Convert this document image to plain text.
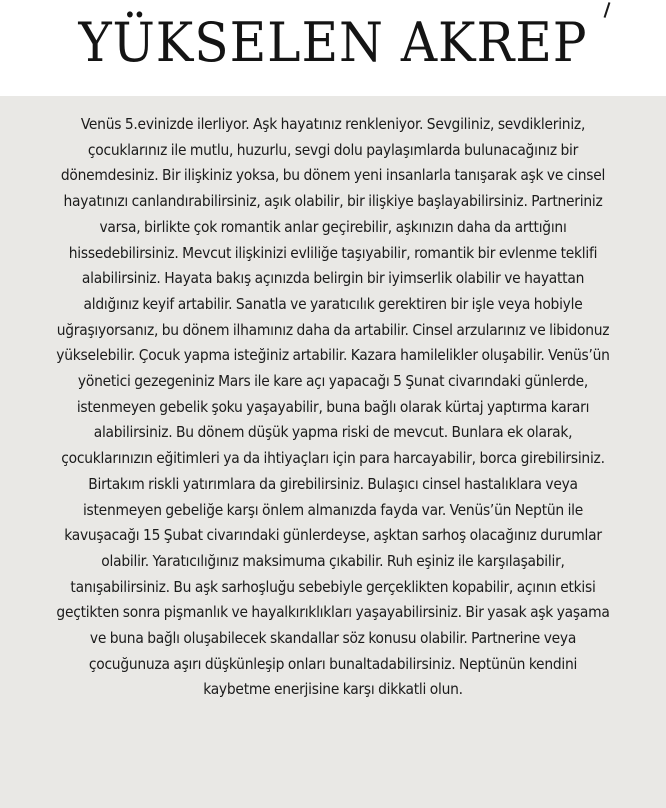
YÜKSELEN AKREP
Venüs 5.evinizde ilerliyor. Aşk hayatınız renkleniyor. Sevgiliniz, sevdikleriniz,
çocuklarınız ile mutlu, huzurlu, sevgi dolu paylaşımlarda bulunacağınız bir
dönemdesiniz. Bir ilişkiniz yoksa, bu dönem yeni insanlarla tanışarak aşk ve cinsel
hayatınızı canlandırabilirsiniz, aşık olabilir, bir ilişkiye başlayabilirsiniz. Partneriniz
varsa, birlikte çok romantik anlar geçirebilir, aşkınızın daha da arttığını
hissedebilirsiniz. Mevcut ilişkinizi evliliğe taşıyabilir, romantik bir evlenme teklifi
alabilirsiniz. Hayata bakış açınızda belirgin bir iyimserlik olabilir ve hayattan
aldığınız keyif artabilir. Sanatla ve yaratıcılık gerektiren bir işle veya hobiyle
uğraşıyorsanız, bu dönem ilhamınız daha da artabilir. Cinsel arzularınız ve libidonuz
yükselebilir. Çocuk yapma isteğiniz artabilir. Kazara hamilelikler oluşabilir. Venüs’ün
yönetici gezegeniniz Mars ile kare açı yapacağı 5 Şunat civarındaki günlerde,
istenmeyen gebelik şoku yaşayabilir, buna bağlı olarak kürtaj yaptırma kararı
alabilirsiniz. Bu dönem düşük yapma riski de mevcut. Bunlara ek olarak,
çocuklarınızın eğitimleri ya da ihtiyaçları için para harcayabilir, borca girebilirsiniz.
Birtakım riskli yatırımlara da girebilirsiniz. Bulaşıcı cinsel hastalıklara veya
istenmeyen gebeliğe karşı önlem almanızda fayda var. Venüs’ün Neptün ile
kavuşacağı 15 Şubat civarındaki günlerdeyse, aşktan sarhoş olacağınız durumlar
olabilir. Yaratıcılığınız maksimuma çıkabilir. Ruh eşiniz ile karşılaşabilir,
tanışabilirsiniz. Bu aşk sarhoşluğu sebebiyle gerçeklikten kopabilir, açının etkisi
geçtikten sonra pişmanlık ve hayalkırıklıkları yaşayabilirsiniz. Bir yasak aşk yaşama
ve buna bağlı oluşabilecek skandallar söz konusu olabilir. Partnerine veya
çocuğunuza aşırı düşkünleşip onları bunaltadabilirsiniz. Neptünün kendini
kaybetme enerjisine karşı dikkatli olun.
